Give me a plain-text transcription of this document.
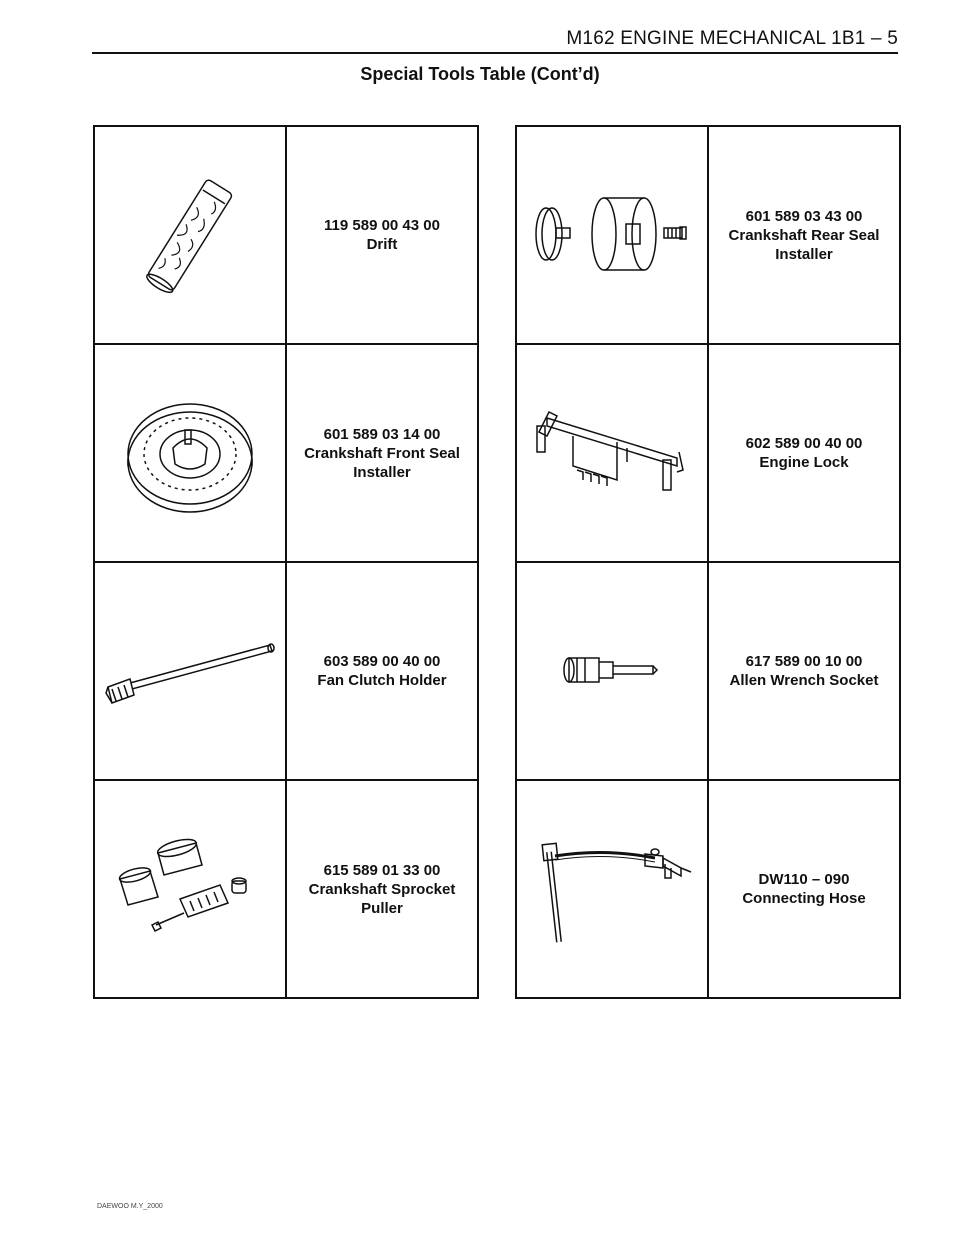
M162 ENGINE MECHANICAL 1B1 – 5
Special Tools Table (Cont’d)

119 589 00 43 00
Drift

601 589 03 14 00
Crankshaft Front Seal
Installer

603 589 00 40 00
Fan Clutch Holder

615 589 01 33 00
Crankshaft Sprocket
Puller

601 589 03 43 00
Crankshaft Rear Seal
Installer

602 589 00 40 00
Engine Lock

617 589 00 10 00
Allen Wrench Socket

DW110 – 090
Connecting Hose
DAEWOO M.Y_2000
